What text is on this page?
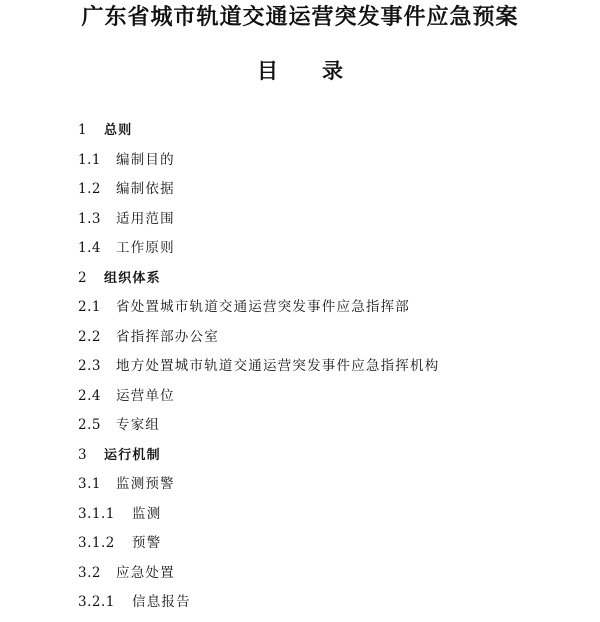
广东省城市轨道交通运营突发事件应急预案
目 录
1 总则
1.1 编制目的
1.2 编制依据
1.3 适用范围
1.4 工作原则
2 组织体系
2.1 省处置城市轨道交通运营突发事件应急指挥部
2.2 省指挥部办公室
2.3 地方处置城市轨道交通运营突发事件应急指挥机构
2.4 运营单位
2.5 专家组
3 运行机制
3.1 监测预警
3.1.1 监测
3.1.2 预警
3.2 应急处置
3.2.1 信息报告
